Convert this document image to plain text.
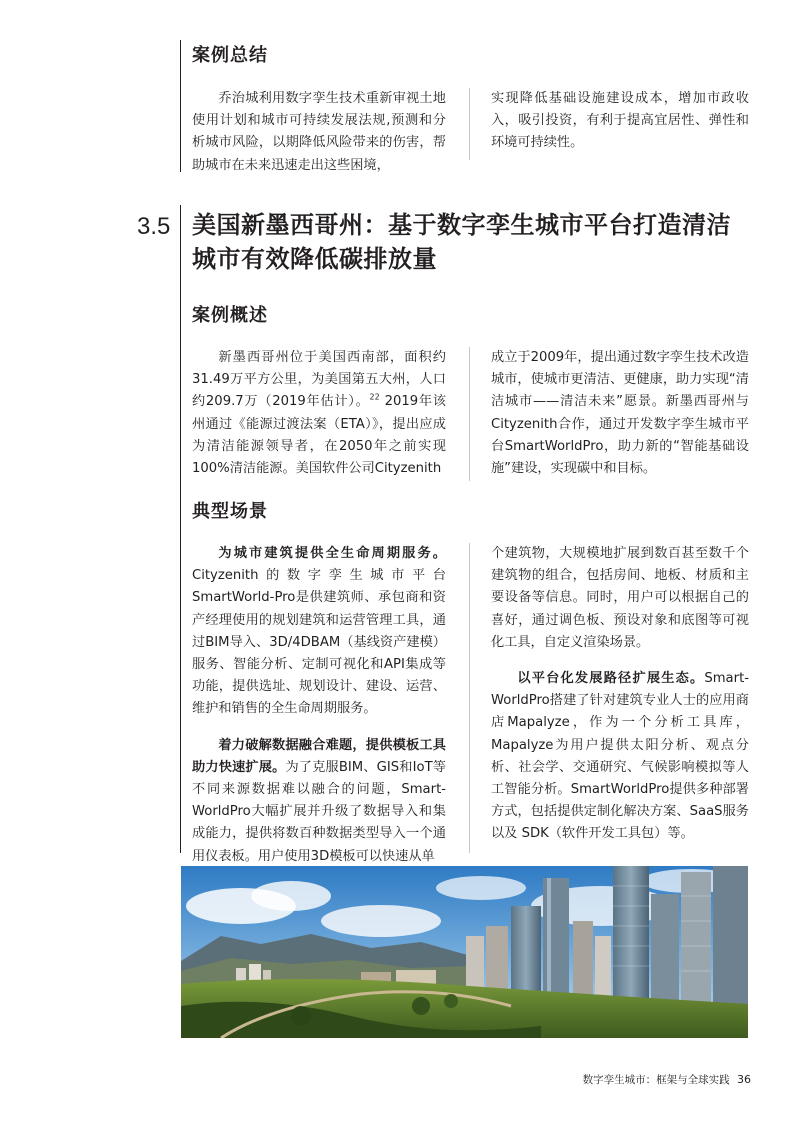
案例总结

乔治城利用数字孪生技术重新审视土地使用计划和城市可持续发展法规,预测和分析城市风险，以期降低风险带来的伤害，帮助城市在未来迅速走出这些困境，

实现降低基础设施建设成本，增加市政收入，吸引投资，有利于提高宜居性、弹性和环境可持续性。

3.5 美国新墨西哥州：基于数字孪生城市平台打造清洁城市有效降低碳排放量
案例概述

新墨西哥州位于美国西南部，面积约31.49万平方公里，为美国第五大州，人口约209.7万（2019年估计）。$^{22}$ 2019年该州通过《能源过渡法案（ETA）》，提出应成为清洁能源领导者，在2050年之前实现100%清洁能源。美国软件公司Cityzenith

成立于2009年，提出通过数字孪生技术改造城市，使城市更清洁、更健康，助力实现“清洁城市——清洁未来”愿景。新墨西哥州与Cityzenith合作，通过开发数字孪生城市平台SmartWorldPro，助力新的“智能基础设施”建设，实现碳中和目标。

典型场景

为城市建筑提供全生命周期服务。Cityzenith的数字孪生城市平台SmartWorld-Pro是供建筑师、承包商和资产经理使用的规划建筑和运营管理工具，通过BIM导入、3D/4DBAM（基线资产建模）服务、智能分析、定制可视化和API集成等功能，提供选址、规划设计、建设、运营、维护和销售的全生命周期服务。

着力破解数据融合难题，提供模板工具助力快速扩展。为了克服BIM、GIS和IoT等不同来源数据难以融合的问题，Smart-WorldPro大幅扩展并升级了数据导入和集成能力，提供将数百种数据类型导入一个通用仪表板。用户使用3D模板可以快速从单

个建筑物，大规模地扩展到数百甚至数千个建筑物的组合，包括房间、地板、材质和主要设备等信息。同时，用户可以根据自己的喜好，通过调色板、预设对象和底图等可视化工具，自定义渲染场景。

以平台化发展路径扩展生态。Smart-WorldPro搭建了针对建筑专业人士的应用商店Mapalyze，作为一个分析工具库，Mapalyze为用户提供太阳分析、观点分析、社会学、交通研究、气候影响模拟等人工智能分析。SmartWorldPro提供多种部署方式，包括提供定制化解决方案、SaaS服务以及 SDK（软件开发工具包）等。

数字孪生城市：框架与全球实践 36
